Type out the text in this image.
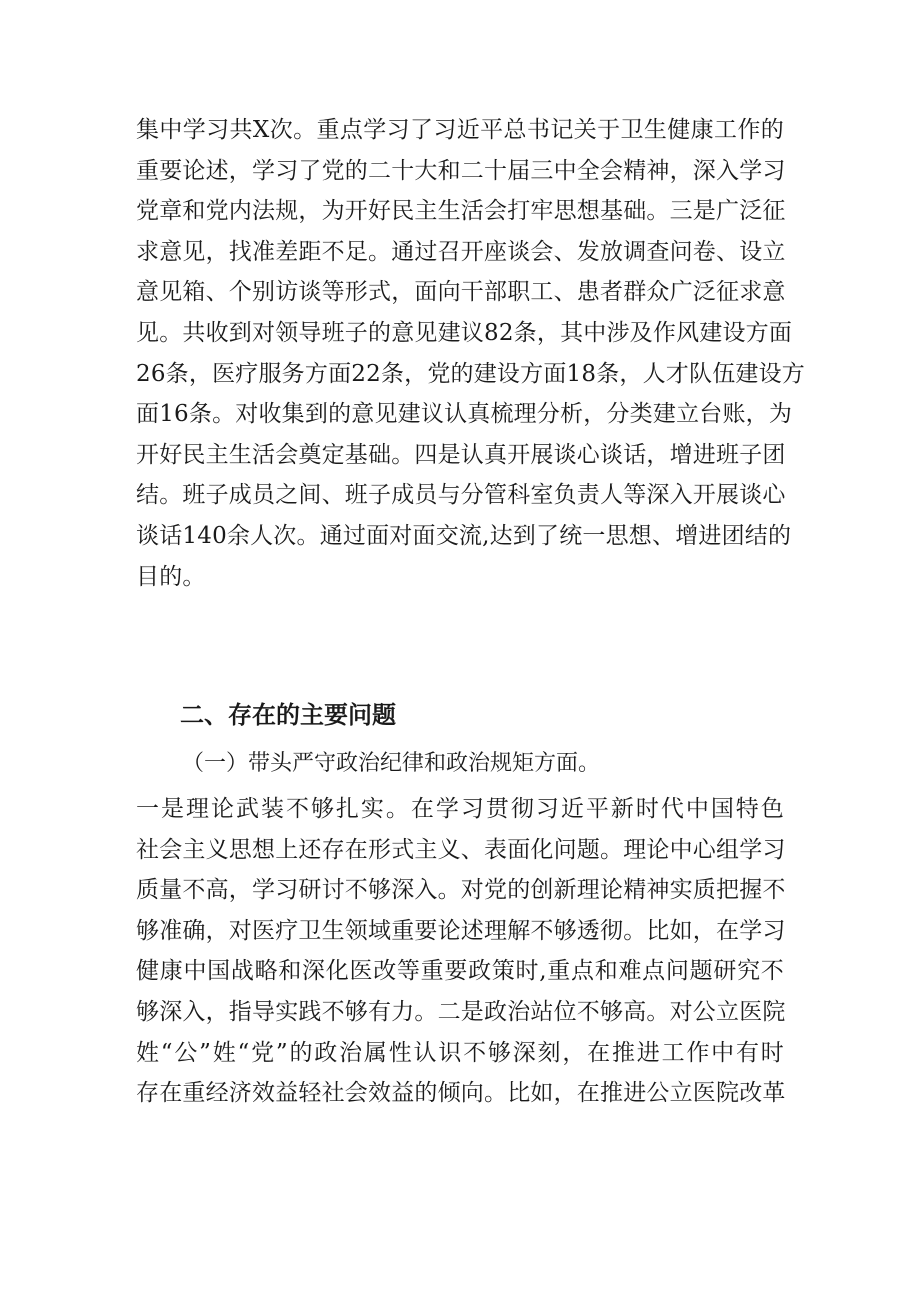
集中学习共X次。重点学习了习近平总书记关于卫生健康工作的
重要论述，学习了党的二十大和二十届三中全会精神，深入学习
党章和党内法规，为开好民主生活会打牢思想基础。三是广泛征
求意见，找准差距不足。通过召开座谈会、发放调查问卷、设立
意见箱、个别访谈等形式，面向干部职工、患者群众广泛征求意
见。共收到对领导班子的意见建议82条，其中涉及作风建设方面
26条，医疗服务方面22条，党的建设方面18条，人才队伍建设方
面16条。对收集到的意见建议认真梳理分析，分类建立台账，为
开好民主生活会奠定基础。四是认真开展谈心谈话，增进班子团
结。班子成员之间、班子成员与分管科室负责人等深入开展谈心
谈话140余人次。通过面对面交流,达到了统一思想、增进团结的
目的。
二、存在的主要问题
（一）带头严守政治纪律和政治规矩方面。
一是理论武装不够扎实。在学习贯彻习近平新时代中国特色
社会主义思想上还存在形式主义、表面化问题。理论中心组学习
质量不高，学习研讨不够深入。对党的创新理论精神实质把握不
够准确，对医疗卫生领域重要论述理解不够透彻。比如，在学习
健康中国战略和深化医改等重要政策时,重点和难点问题研究不
够深入，指导实践不够有力。二是政治站位不够高。对公立医院
姓“公”姓“党”的政治属性认识不够深刻，在推进工作中有时
存在重经济效益轻社会效益的倾向。比如，在推进公立医院改革
